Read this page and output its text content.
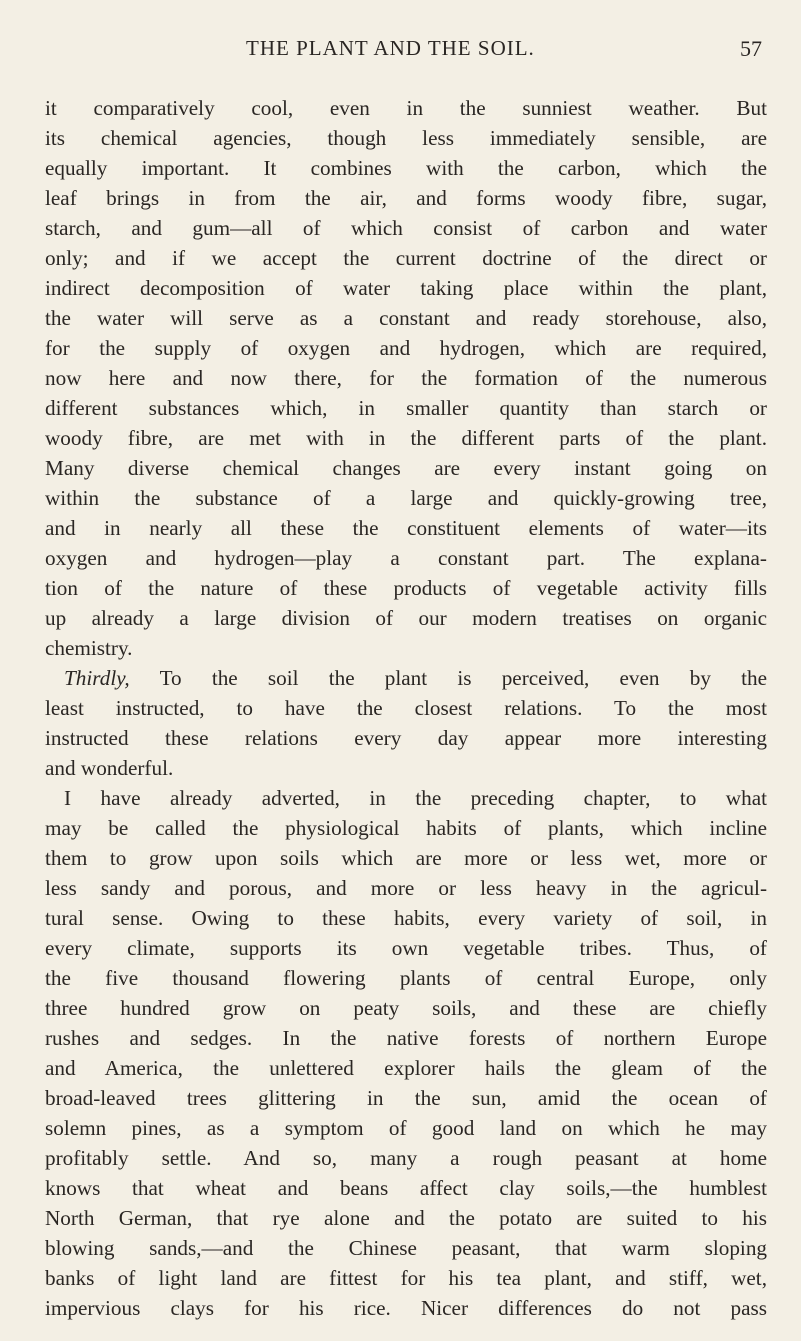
THE PLANT AND THE SOIL.	57
it comparatively cool, even in the sunniest weather. But
its chemical agencies, though less immediately sensible, are
equally important. It combines with the carbon, which the
leaf brings in from the air, and forms woody fibre, sugar,
starch, and gum—all of which consist of carbon and water
only; and if we accept the current doctrine of the direct or
indirect decomposition of water taking place within the plant,
the water will serve as a constant and ready storehouse, also,
for the supply of oxygen and hydrogen, which are required,
now here and now there, for the formation of the numerous
different substances which, in smaller quantity than starch or
woody fibre, are met with in the different parts of the plant.
Many diverse chemical changes are every instant going on
within the substance of a large and quickly-growing tree,
and in nearly all these the constituent elements of water—its
oxygen and hydrogen—play a constant part. The explana-
tion of the nature of these products of vegetable activity fills
up already a large division of our modern treatises on organic
chemistry.
Thirdly, To the soil the plant is perceived, even by the
least instructed, to have the closest relations. To the most
instructed these relations every day appear more interesting
and wonderful.
I have already adverted, in the preceding chapter, to what
may be called the physiological habits of plants, which incline
them to grow upon soils which are more or less wet, more or
less sandy and porous, and more or less heavy in the agricul-
tural sense. Owing to these habits, every variety of soil, in
every climate, supports its own vegetable tribes. Thus, of
the five thousand flowering plants of central Europe, only
three hundred grow on peaty soils, and these are chiefly
rushes and sedges. In the native forests of northern Europe
and America, the unlettered explorer hails the gleam of the
broad-leaved trees glittering in the sun, amid the ocean of
solemn pines, as a symptom of good land on which he may
profitably settle. And so, many a rough peasant at home
knows that wheat and beans affect clay soils,—the humblest
North German, that rye alone and the potato are suited to his
blowing sands,—and the Chinese peasant, that warm sloping
banks of light land are fittest for his tea plant, and stiff, wet,
impervious clays for his rice. Nicer differences do not pass
